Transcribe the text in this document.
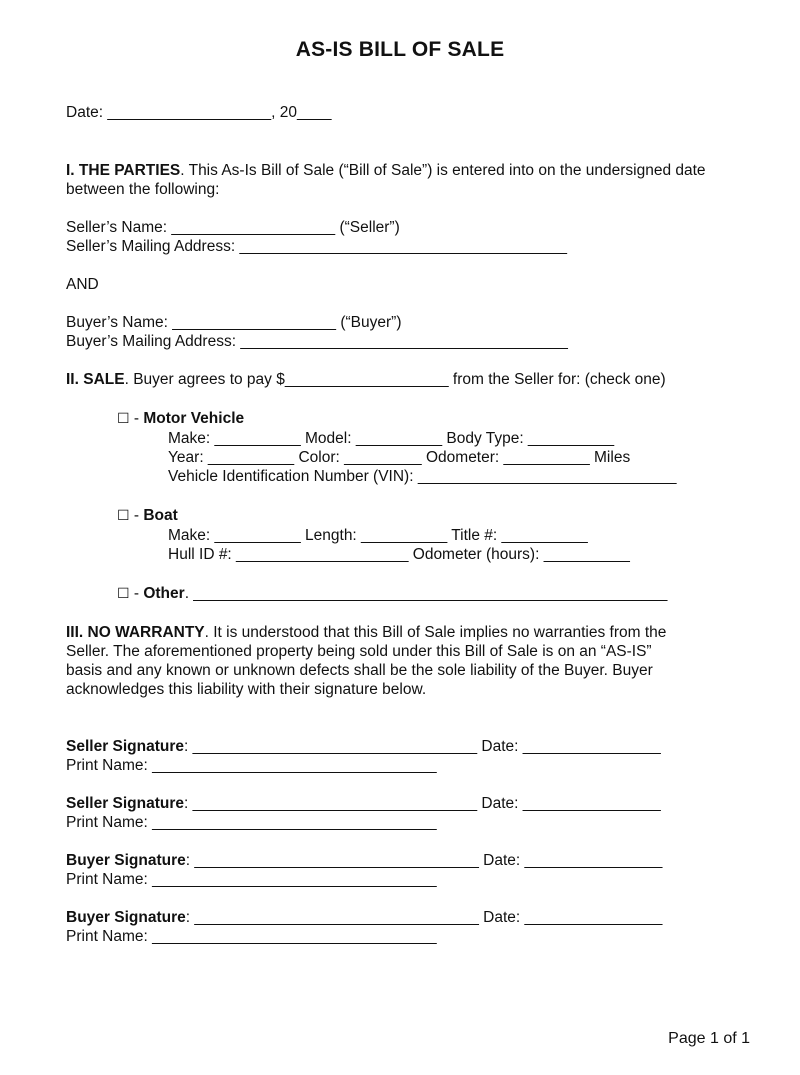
AS-IS BILL OF SALE
Date: ___________________, 20____
I. THE PARTIES. This As-Is Bill of Sale (“Bill of Sale”) is entered into on the undersigned date
between the following:
Seller’s Name: ___________________ (“Seller”)
Seller’s Mailing Address: ______________________________________
AND
Buyer’s Name: ___________________ (“Buyer”)
Buyer’s Mailing Address: ______________________________________
II. SALE. Buyer agrees to pay $___________________ from the Seller for: (check one)
☐ - Motor Vehicle
Make: __________ Model: __________ Body Type: __________
Year: __________ Color: _________ Odometer: __________ Miles
Vehicle Identification Number (VIN): ______________________________
☐ - Boat
Make: __________ Length: __________ Title #: __________
Hull ID #: ____________________ Odometer (hours): __________
☐ - Other. _______________________________________________________
III. NO WARRANTY. It is understood that this Bill of Sale implies no warranties from the
Seller. The aforementioned property being sold under this Bill of Sale is on an “AS-IS”
basis and any known or unknown defects shall be the sole liability of the Buyer. Buyer
acknowledges this liability with their signature below.
Seller Signature: _________________________________ Date: ________________
Print Name: _________________________________
Seller Signature: _________________________________ Date: ________________
Print Name: _________________________________
Buyer Signature: _________________________________ Date: ________________
Print Name: _________________________________
Buyer Signature: _________________________________ Date: ________________
Print Name: _________________________________
Page 1 of 1
